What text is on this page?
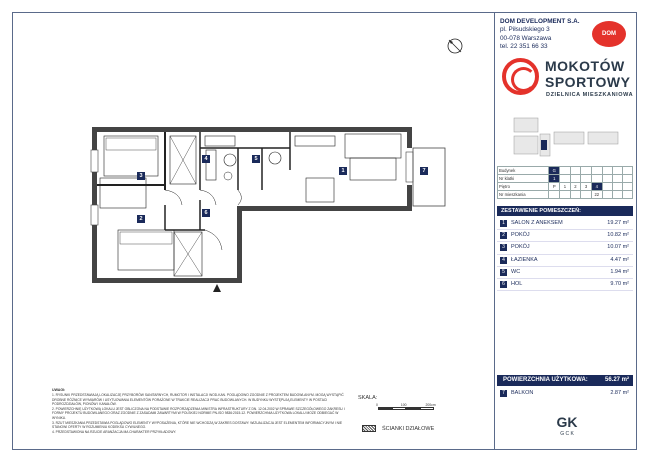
1
2
3
4	5
6
7
DOM DEVELOPMENT S.A.
pl. Piłsudskiego 3
00-078 Warszawa
tel. 22 351 66 33
DOM
MOKOTÓW
SPORTOWY
DZIELNICA MIESZKANIOWA
Budynek	G							
Nr klatki	1							
Piętro	P	1	2	3	4			
Nr mieszkania					22			
ZESTAWIENIE POMIESZCZEŃ:
1	SALON Z ANEKSEM	19.27 m²
2	POKÓJ	10.82 m²
3	POKÓJ	10.07 m²
4	ŁAZIENKA	4.47 m²
5	WC	1.94 m²
6	HOL	9.70 m²
POWIERZCHNIA UŻYTKOWA:	56.27 m²
7	BALKON	2.87 m²
GK
G C K
UWAGI:
1. RYSUNKI PRZEDSTAWIAJĄ LOKALIZACJĘ PRZYBORÓW SANITARNYCH, RUMOTOR I INSTALACJI WOD-KAN. POGLĄDOWO ZGODNIE Z PROJEKTEM BUDOWLANYM. MOGĄ WYSTĄPIĆ DROBNE RÓŻNICE WYMIARÓW I USYTUOWANIA ELEMENTÓW PORAŻONE W TRAKCIE REALIZACJI PRAC BUDOWLANYCH. W BUDYNKU WYSTĘPUJĄ ELEMENTY W POSTACI PODROZDZIAŁÓW, PIONÓW I KANAŁÓW.
2. POWIERZCHNIĘ UŻYTKOWĄ LOKALU JEST OBLICZONA NA PODSTAWIE ROZPORZĄDZENIA MINISTRA INFRASTRUKTURY Z DN. 12.04.2002 W SPRAWIE SZCZEGÓŁOWEGO ZAKRESU I FORMY PROJEKTU BUDOWLANEGO ORAZ ZGODNIE Z ZASADAMI ZAWARTYMI W POLSKIEJ NORMIE PN-ISO 9836:2015-12. POWIERZCHNIA UŻYTKOWA LOKALU MOŻE ODBIEGAĆ W WYNIKU.
3. RZUT MIESZKANIA PRZEDSTAWIA POGLĄDOWO ELEMENTY WYPOSAŻENIA, KTÓRE NIE WCHODZĄ W ZAKRES DOSTAWY. WIZUALIZACJA JEST ELEMENTEM INFORMACYJNYM I NIE STANOWI OFERTY W ROZUMIENIU KODEKSU CYWILNEGO.
4. PRZEDSTAWIONA NA RZUCIE ARANŻACJA MA CHARAKTER PRZYKŁADOWY.
SKALA:
0	100	200cm
ŚCIANKI DZIAŁOWE
